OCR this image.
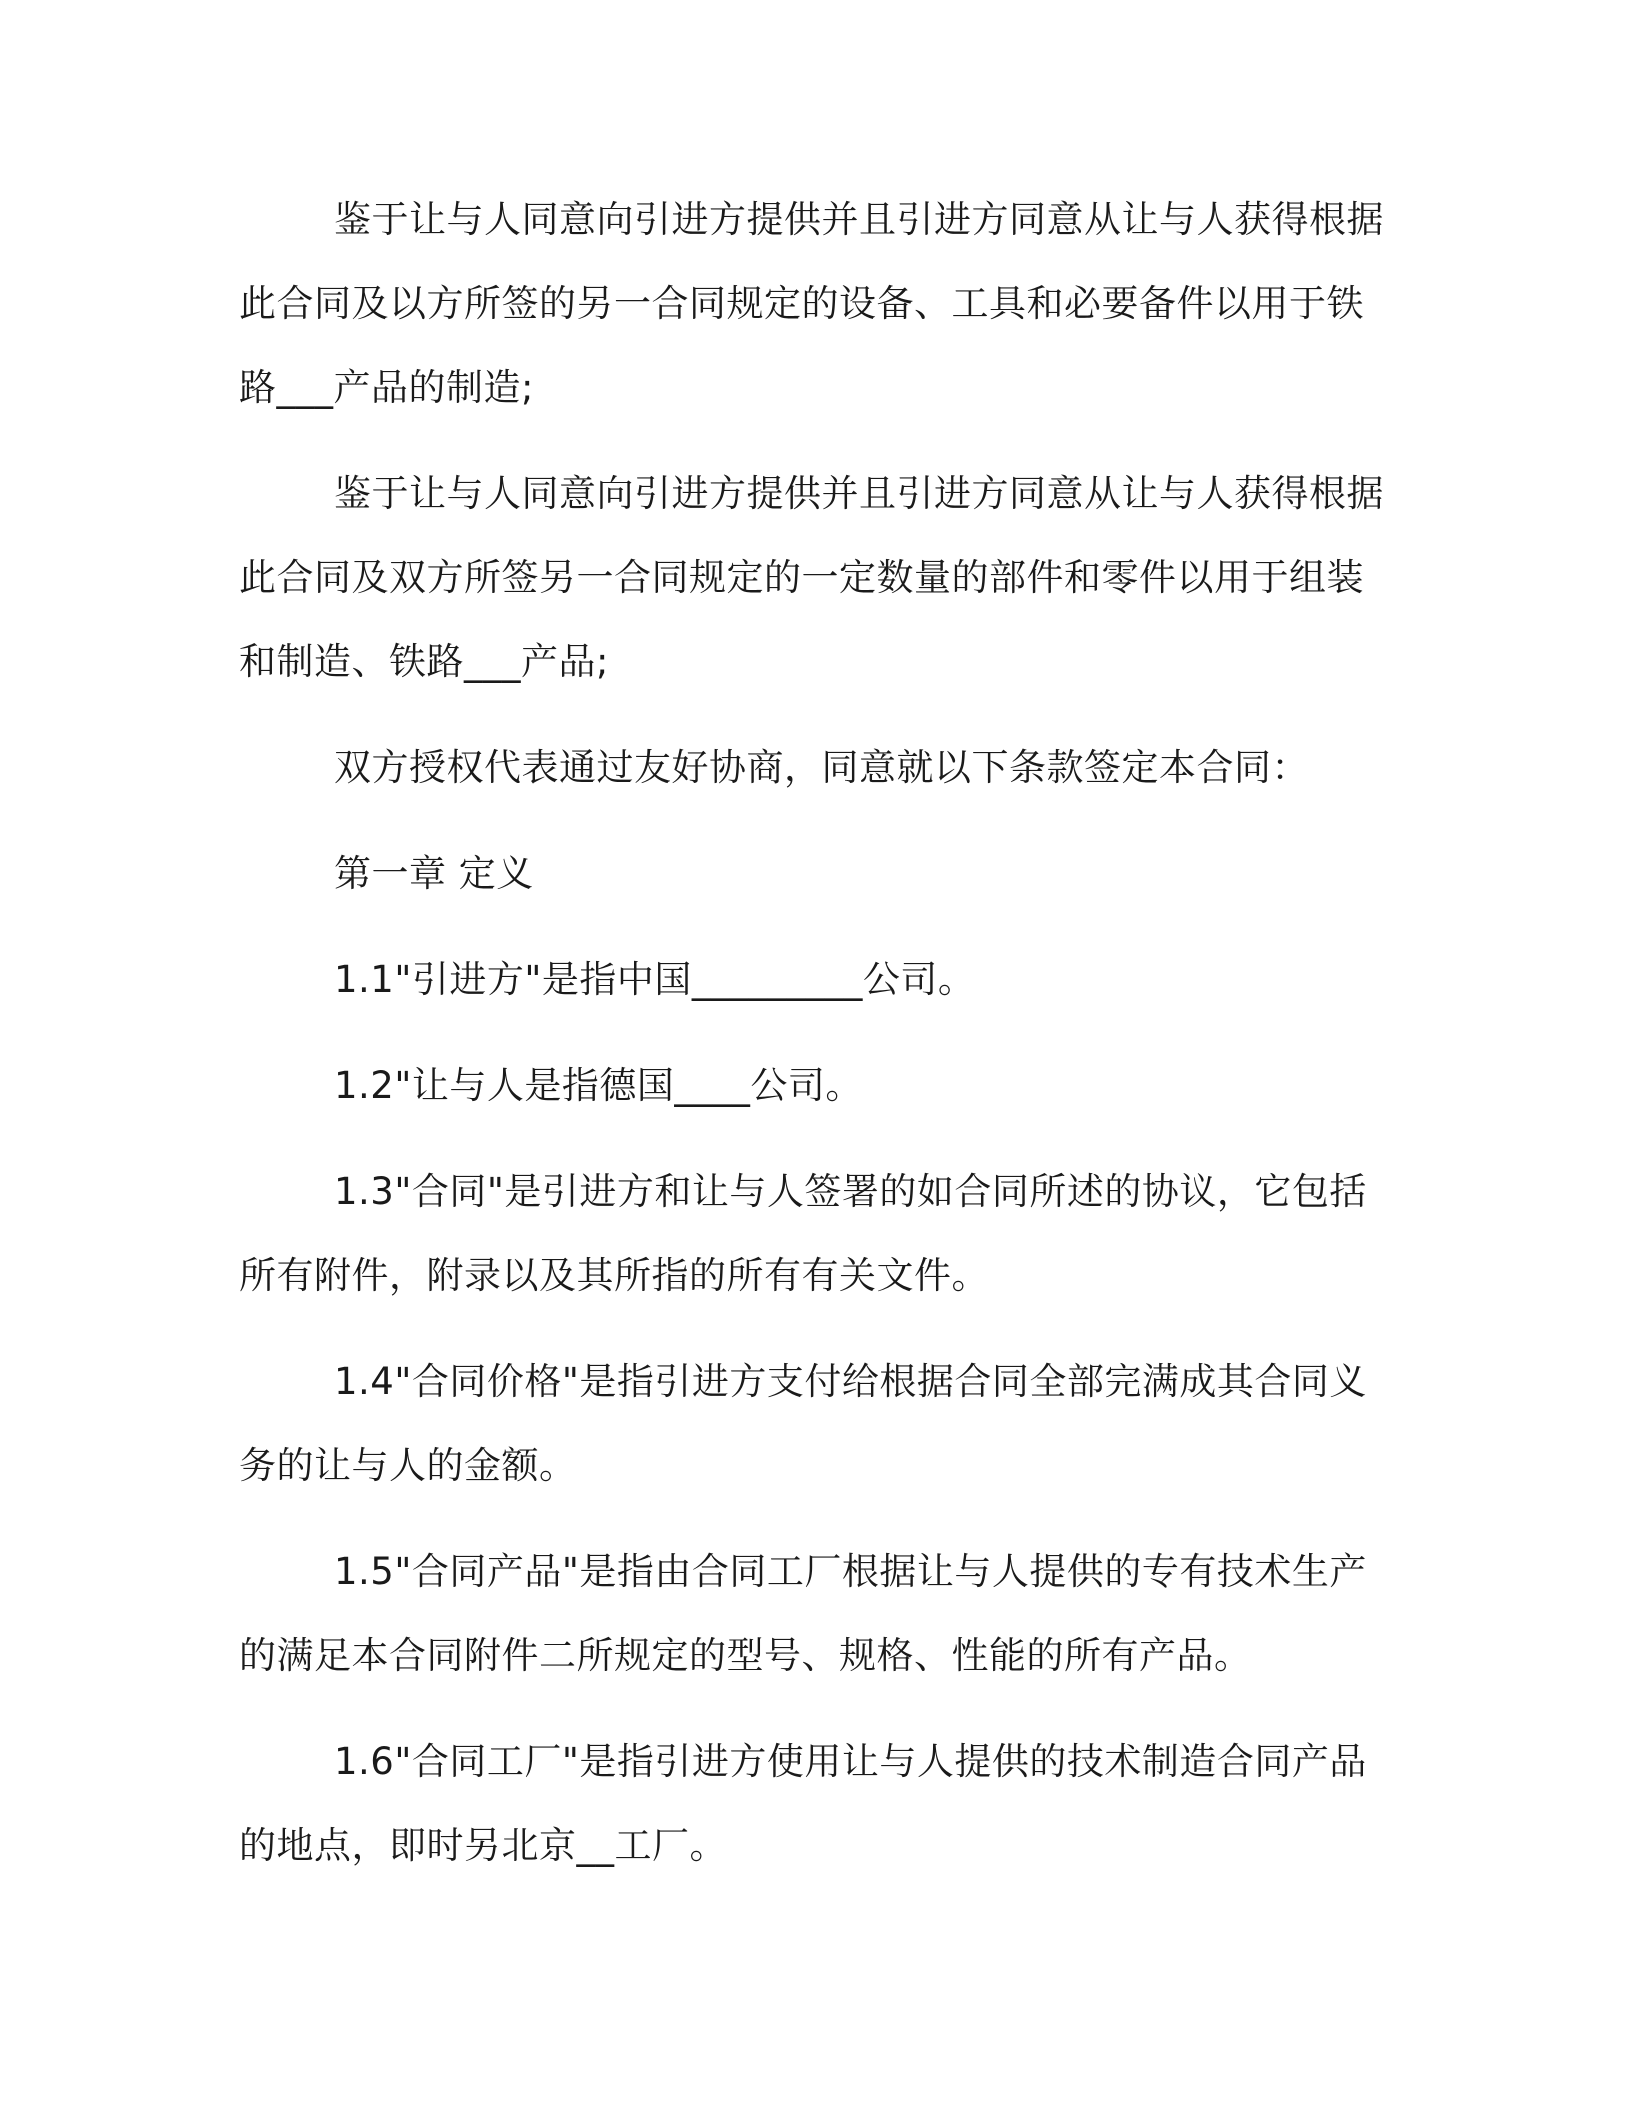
鉴于让与人同意向引进方提供并且引进方同意从让与人获得根据此合同及以方所签的另一合同规定的设备、工具和必要备件以用于铁路___产品的制造;

鉴于让与人同意向引进方提供并且引进方同意从让与人获得根据此合同及双方所签另一合同规定的一定数量的部件和零件以用于组装和制造、铁路___产品;

双方授权代表通过友好协商，同意就以下条款签定本合同：

第一章 定义

1.1"引进方"是指中国_________公司。

1.2"让与人是指德国____公司。

1.3"合同"是引进方和让与人签署的如合同所述的协议，它包括所有附件，附录以及其所指的所有有关文件。

1.4"合同价格"是指引进方支付给根据合同全部完满成其合同义务的让与人的金额。

1.5"合同产品"是指由合同工厂根据让与人提供的专有技术生产的满足本合同附件二所规定的型号、规格、性能的所有产品。

1.6"合同工厂"是指引进方使用让与人提供的技术制造合同产品的地点，即时另北京__工厂。
